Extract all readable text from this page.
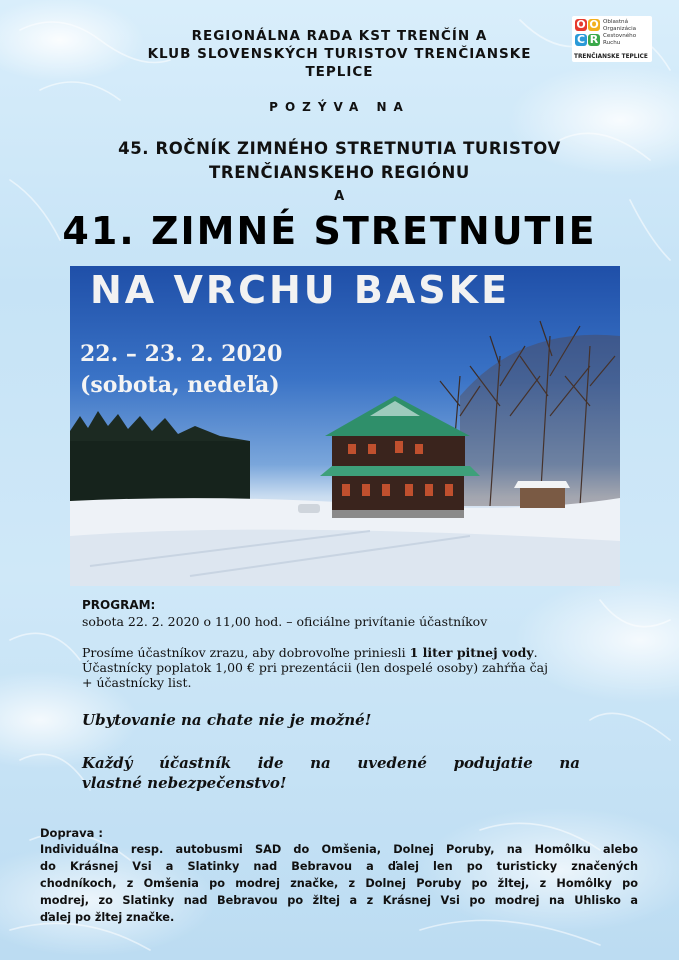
REGIONÁLNA RADA KST TRENČÍN A
KLUB SLOVENSKÝCH TURISTOV TRENČIANSKE
TEPLICE
O O
C R
Oblastná
Organizácia
Cestovného
Ruchu
TRENČIANSKE TEPLICE
POZÝVA NA
45. ROČNÍK ZIMNÉHO STRETNUTIA TURISTOV
TRENČIANSKEHO REGIÓNU
A
41. ZIMNÉ STRETNUTIE
NA VRCHU BASKE
22. – 23. 2. 2020
(sobota, nedeľa)
PROGRAM:
sobota 22. 2. 2020 o 11,00 hod. – oficiálne privítanie účastníkov
Prosíme účastníkov zrazu, aby dobrovoľne priniesli 1 liter pitnej vody.
Účastnícky poplatok 1,00 € pri prezentácii (len dospelé osoby) zahŕňa čaj
+ účastnícky list.
Ubytovanie na chate nie je možné!
Každý účastník ide na uvedené podujatie na
vlastné nebezpečenstvo!
Doprava :
Individuálna resp. autobusmi SAD do Omšenia, Dolnej Poruby, na Homôlku alebo
do Krásnej Vsi a Slatinky nad Bebravou a ďalej len po turisticky značených
chodníkoch, z Omšenia po modrej značke, z Dolnej Poruby po žltej, z Homôlky po
modrej, zo Slatinky nad Bebravou po žltej a z Krásnej Vsi po modrej na Uhlisko a
ďalej po žltej značke.
